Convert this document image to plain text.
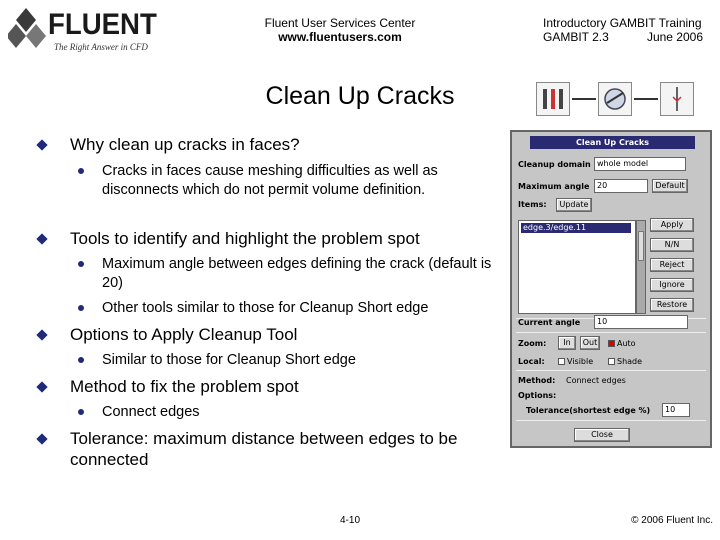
FLUENT
The Right Answer in CFD
Fluent User Services Center
www.fluentusers.com
Introductory GAMBIT Training
GAMBIT 2.3	June 2006
Clean Up Cracks
Why clean up cracks in faces?
Cracks in faces cause meshing difficulties as well as disconnects which do not permit volume definition.
Tools to identify and highlight the problem spot
Maximum angle between edges defining the crack (default is 20)
Other tools similar to those for Cleanup Short edge
Options to Apply Cleanup Tool
Similar to those for Cleanup Short edge
Method to fix the problem spot
Connect edges
Tolerance: maximum distance between edges to be connected
Clean Up Cracks
Cleanup domain whole model
Maximum angle 20	Default
Items:	Update
edge.3/edge.11	Apply
N/N
Reject
Ignore
Restore
Current angle	10
Zoom:	In	Out	Auto
Local:	Visible	Shade
Method: Connect edges
Options:
Tolerance(shortest edge %)	10
Close
4-10	© 2006 Fluent Inc.
